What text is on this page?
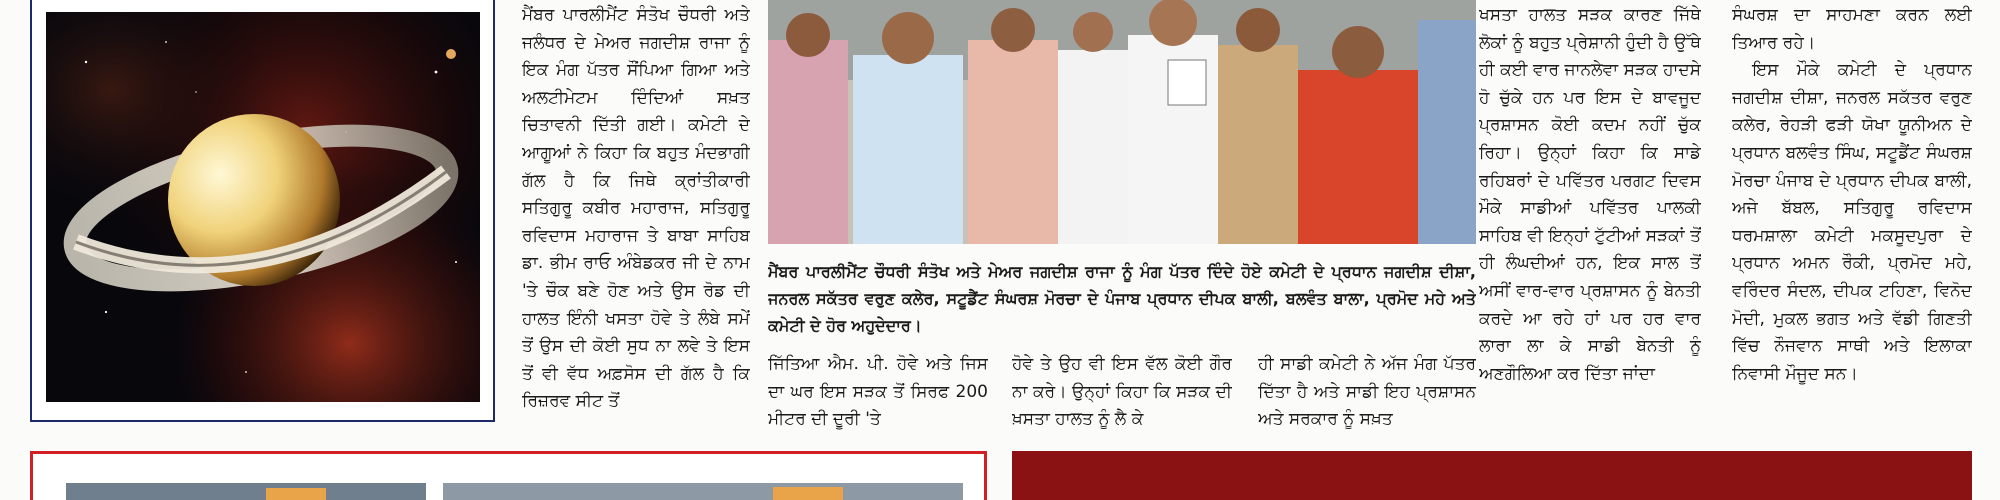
ਮੈਂਬਰ ਪਾਰਲੀਮੈਂਟ ਸੰਤੋਖ ਚੌਧਰੀ ਅਤੇ ਜਲੰਧਰ ਦੇ ਮੇਅਰ ਜਗਦੀਸ਼ ਰਾਜਾ ਨੂੰ ਇਕ ਮੰਗ ਪੱਤਰ ਸੌਂਪਿਆ ਗਿਆ ਅਤੇ ਅਲਟੀਮੇਟਮ ਦਿੰਦਿਆਂ ਸਖ਼ਤ ਚਿਤਾਵਨੀ ਦਿੱਤੀ ਗਈ। ਕਮੇਟੀ ਦੇ ਆਗੂਆਂ ਨੇ ਕਿਹਾ ਕਿ ਬਹੁਤ ਮੰਦਭਾਗੀ ਗੱਲ ਹੈ ਕਿ ਜਿਥੇ ਕ੍ਰਾਂਤੀਕਾਰੀ ਸਤਿਗੁਰੂ ਕਬੀਰ ਮਹਾਰਾਜ, ਸਤਿਗੁਰੂ ਰਵਿਦਾਸ ਮਹਾਰਾਜ ਤੇ ਬਾਬਾ ਸਾਹਿਬ ਡਾ. ਭੀਮ ਰਾਓ ਅੰਬੇਡਕਰ ਜੀ ਦੇ ਨਾਮ 'ਤੇ ਚੌਕ ਬਣੇ ਹੋਣ ਅਤੇ ਉਸ ਰੋਡ ਦੀ ਹਾਲਤ ਇੰਨੀ ਖਸਤਾ ਹੋਵੇ ਤੇ ਲੰਬੇ ਸਮੇਂ ਤੋਂ ਉਸ ਦੀ ਕੋਈ ਸੁਧ ਨਾ ਲਵੇ ਤੇ ਇਸ ਤੋਂ ਵੀ ਵੱਧ ਅਫ਼ਸੋਸ ਦੀ ਗੱਲ ਹੈ ਕਿ ਰਿਜ਼ਰਵ ਸੀਟ ਤੋਂ

ਮੈਂਬਰ ਪਾਰਲੀਮੈਂਟ ਚੌਧਰੀ ਸੰਤੋਖ ਅਤੇ ਮੇਅਰ ਜਗਦੀਸ਼ ਰਾਜਾ ਨੂੰ ਮੰਗ ਪੱਤਰ ਦਿੰਦੇ ਹੋਏ ਕਮੇਟੀ ਦੇ ਪ੍ਰਧਾਨ ਜਗਦੀਸ਼ ਦੀਸ਼ਾ, ਜਨਰਲ ਸਕੱਤਰ ਵਰੁਣ ਕਲੇਰ, ਸਟੂਡੈਂਟ ਸੰਘਰਸ਼ ਮੋਰਚਾ ਦੇ ਪੰਜਾਬ ਪ੍ਰਧਾਨ ਦੀਪਕ ਬਾਲੀ, ਬਲਵੰਤ ਬਾਲਾ, ਪ੍ਰਮੋਦ ਮਹੇ ਅਤੇ ਕਮੇਟੀ ਦੇ ਹੋਰ ਅਹੁਦੇਦਾਰ।

ਜਿੱਤਿਆ ਐਮ. ਪੀ. ਹੋਵੇ ਅਤੇ ਜਿਸ ਦਾ ਘਰ ਇਸ ਸੜਕ ਤੋਂ ਸਿਰਫ 200 ਮੀਟਰ ਦੀ ਦੂਰੀ 'ਤੇ

ਹੋਵੇ ਤੇ ਉਹ ਵੀ ਇਸ ਵੱਲ ਕੋਈ ਗੌਰ ਨਾ ਕਰੇ। ਉਨ੍ਹਾਂ ਕਿਹਾ ਕਿ ਸੜਕ ਦੀ ਖ਼ਸਤਾ ਹਾਲਤ ਨੂੰ ਲੈ ਕੇ

ਹੀ ਸਾਡੀ ਕਮੇਟੀ ਨੇ ਅੱਜ ਮੰਗ ਪੱਤਰ ਦਿੱਤਾ ਹੈ ਅਤੇ ਸਾਡੀ ਇਹ ਪ੍ਰਸ਼ਾਸਨ ਅਤੇ ਸਰਕਾਰ ਨੂੰ ਸਖ਼ਤ

ਖਸਤਾ ਹਾਲਤ ਸੜਕ ਕਾਰਣ ਜਿੱਥੇ ਲੋਕਾਂ ਨੂੰ ਬਹੁਤ ਪ੍ਰੇਸ਼ਾਨੀ ਹੁੰਦੀ ਹੈ ਉੱਥੇ ਹੀ ਕਈ ਵਾਰ ਜਾਨਲੇਵਾ ਸੜਕ ਹਾਦਸੇ ਹੋ ਚੁੱਕੇ ਹਨ ਪਰ ਇਸ ਦੇ ਬਾਵਜੂਦ ਪ੍ਰਸ਼ਾਸਨ ਕੋਈ ਕਦਮ ਨਹੀਂ ਚੁੱਕ ਰਿਹਾ। ਉਨ੍ਹਾਂ ਕਿਹਾ ਕਿ ਸਾਡੇ ਰਹਿਬਰਾਂ ਦੇ ਪਵਿੱਤਰ ਪਰਗਟ ਦਿਵਸ ਮੌਕੇ ਸਾਡੀਆਂ ਪਵਿੱਤਰ ਪਾਲਕੀ ਸਾਹਿਬ ਵੀ ਇਨ੍ਹਾਂ ਟੁੱਟੀਆਂ ਸੜਕਾਂ ਤੋਂ ਹੀ ਲੰਘਦੀਆਂ ਹਨ, ਇਕ ਸਾਲ ਤੋਂ ਅਸੀਂ ਵਾਰ-ਵਾਰ ਪ੍ਰਸ਼ਾਸਨ ਨੂੰ ਬੇਨਤੀ ਕਰਦੇ ਆ ਰਹੇ ਹਾਂ ਪਰ ਹਰ ਵਾਰ ਲਾਰਾ ਲਾ ਕੇ ਸਾਡੀ ਬੇਨਤੀ ਨੂੰ ਅਣਗੌਲਿਆ ਕਰ ਦਿੱਤਾ ਜਾਂਦਾ

ਸੰਘਰਸ਼ ਦਾ ਸਾਹਮਣਾ ਕਰਨ ਲਈ ਤਿਆਰ ਰਹੇ।

ਇਸ ਮੌਕੇ ਕਮੇਟੀ ਦੇ ਪ੍ਰਧਾਨ ਜਗਦੀਸ਼ ਦੀਸ਼ਾ, ਜਨਰਲ ਸਕੱਤਰ ਵਰੁਣ ਕਲੇਰ, ਰੇਹੜੀ ਫੜੀ ਯੋਖਾ ਯੂਨੀਅਨ ਦੇ ਪ੍ਰਧਾਨ ਬਲਵੰਤ ਸਿੰਘ, ਸਟੂਡੈਂਟ ਸੰਘਰਸ਼ ਮੋਰਚਾ ਪੰਜਾਬ ਦੇ ਪ੍ਰਧਾਨ ਦੀਪਕ ਬਾਲੀ, ਅਜੇ ਬੱਬਲ, ਸਤਿਗੁਰੂ ਰਵਿਦਾਸ ਧਰਮਸ਼ਾਲਾ ਕਮੇਟੀ ਮਕਸੂਦਪੁਰਾ ਦੇ ਪ੍ਰਧਾਨ ਅਮਨ ਰੌਕੀ, ਪ੍ਰਮੋਦ ਮਹੇ, ਵਰਿੰਦਰ ਸੰਦਲ, ਦੀਪਕ ਟਹਿਣਾ, ਵਿਨੋਦ ਮੋਦੀ, ਮੁਕਲ ਭਗਤ ਅਤੇ ਵੱਡੀ ਗਿਣਤੀ ਵਿੱਚ ਨੌਜਵਾਨ ਸਾਥੀ ਅਤੇ ਇਲਾਕਾ ਨਿਵਾਸੀ ਮੌਜੂਦ ਸਨ।
